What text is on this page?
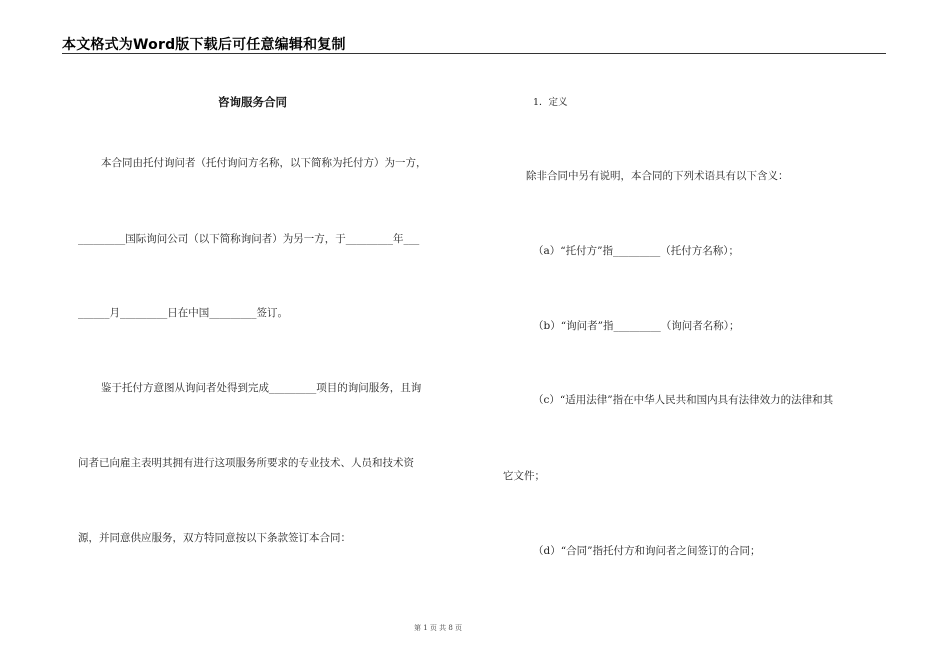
本文格式为Word版下载后可任意编辑和复制
咨询服务合同
本合同由托付询问者（托付询问方名称，以下简称为托付方）为一方，
_________国际询问公司（以下简称询问者）为另一方，于_________年___
______月_________日在中国_________签订。
鉴于托付方意图从询问者处得到完成_________项目的询问服务，且询
问者已向雇主表明其拥有进行这项服务所要求的专业技术、人员和技术资
源，并同意供应服务，双方特同意按以下条款签订本合同：
1．定义
除非合同中另有说明，本合同的下列术语具有以下含义：
（a）“托付方”指_________（托付方名称）；
（b）“询问者”指_________（询问者名称）；
（c）“适用法律”指在中华人民共和国内具有法律效力的法律和其
它文件；
（d）“合同”指托付方和询问者之间签订的合同；
第 1 页 共 8 页
